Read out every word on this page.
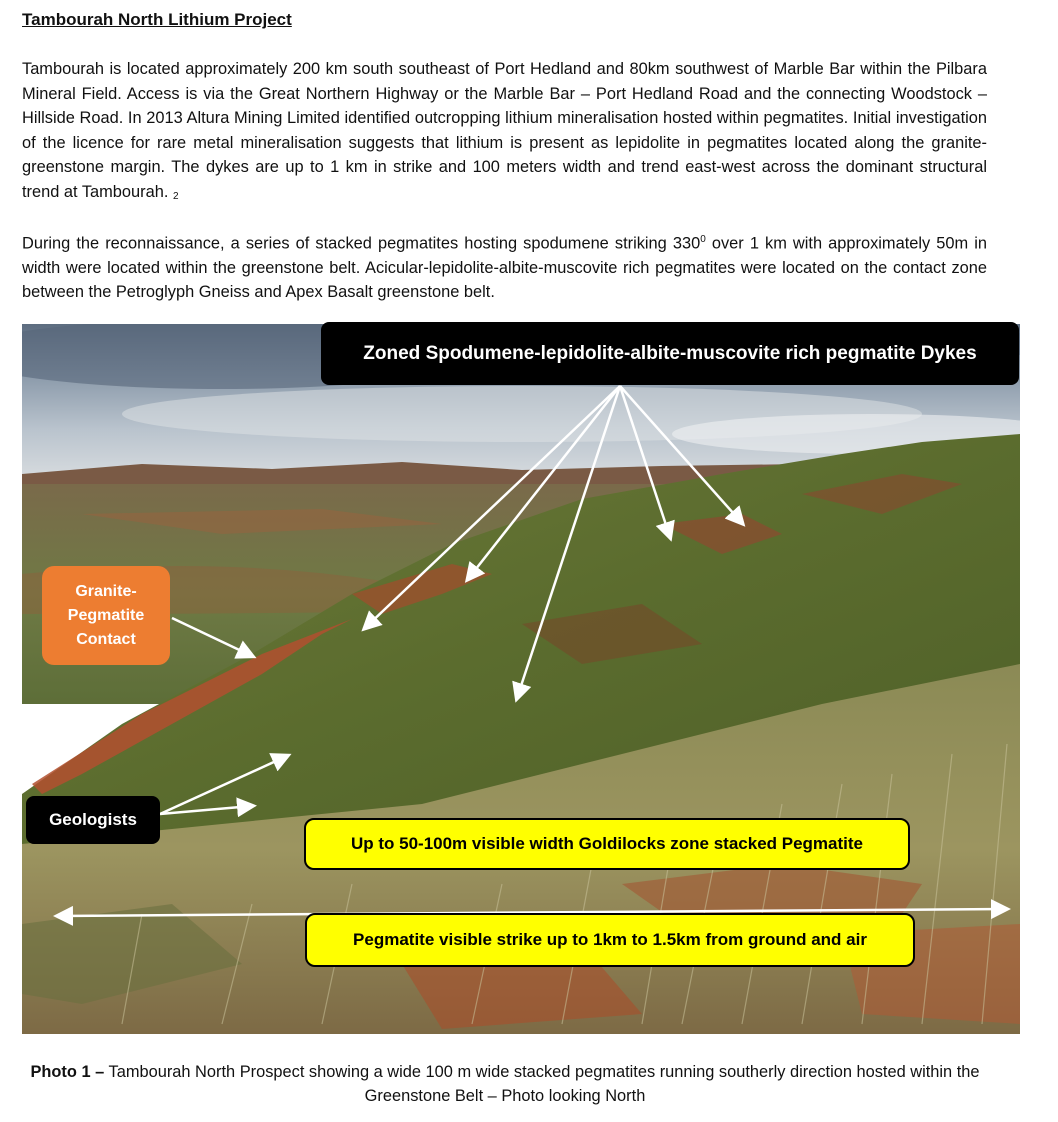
Tambourah North Lithium Project
Tambourah is located approximately 200 km south southeast of Port Hedland and 80km southwest of Marble Bar within the Pilbara Mineral Field. Access is via the Great Northern Highway or the Marble Bar – Port Hedland Road and the connecting Woodstock – Hillside Road. In 2013 Altura Mining Limited identified outcropping lithium mineralisation hosted within pegmatites. Initial investigation of the licence for rare metal mineralisation suggests that lithium is present as lepidolite in pegmatites located along the granite-greenstone margin. The dykes are up to 1 km in strike and 100 meters width and trend east-west across the dominant structural trend at Tambourah. 2
During the reconnaissance, a series of stacked pegmatites hosting spodumene striking $330^0$ over 1 km with approximately 50m in width were located within the greenstone belt. Acicular-lepidolite-albite-muscovite rich pegmatites were located on the contact zone between the Petroglyph Gneiss and Apex Basalt greenstone belt.
Zoned Spodumene-lepidolite-albite-muscovite rich pegmatite Dykes
Granite-
Pegmatite
Contact
Geologists
Up to 50-100m visible width Goldilocks zone stacked Pegmatite
Pegmatite visible strike up to 1km to 1.5km from ground and air
Photo 1 – Tambourah North Prospect showing a wide 100 m wide stacked pegmatites running southerly direction hosted within the Greenstone Belt – Photo looking North
